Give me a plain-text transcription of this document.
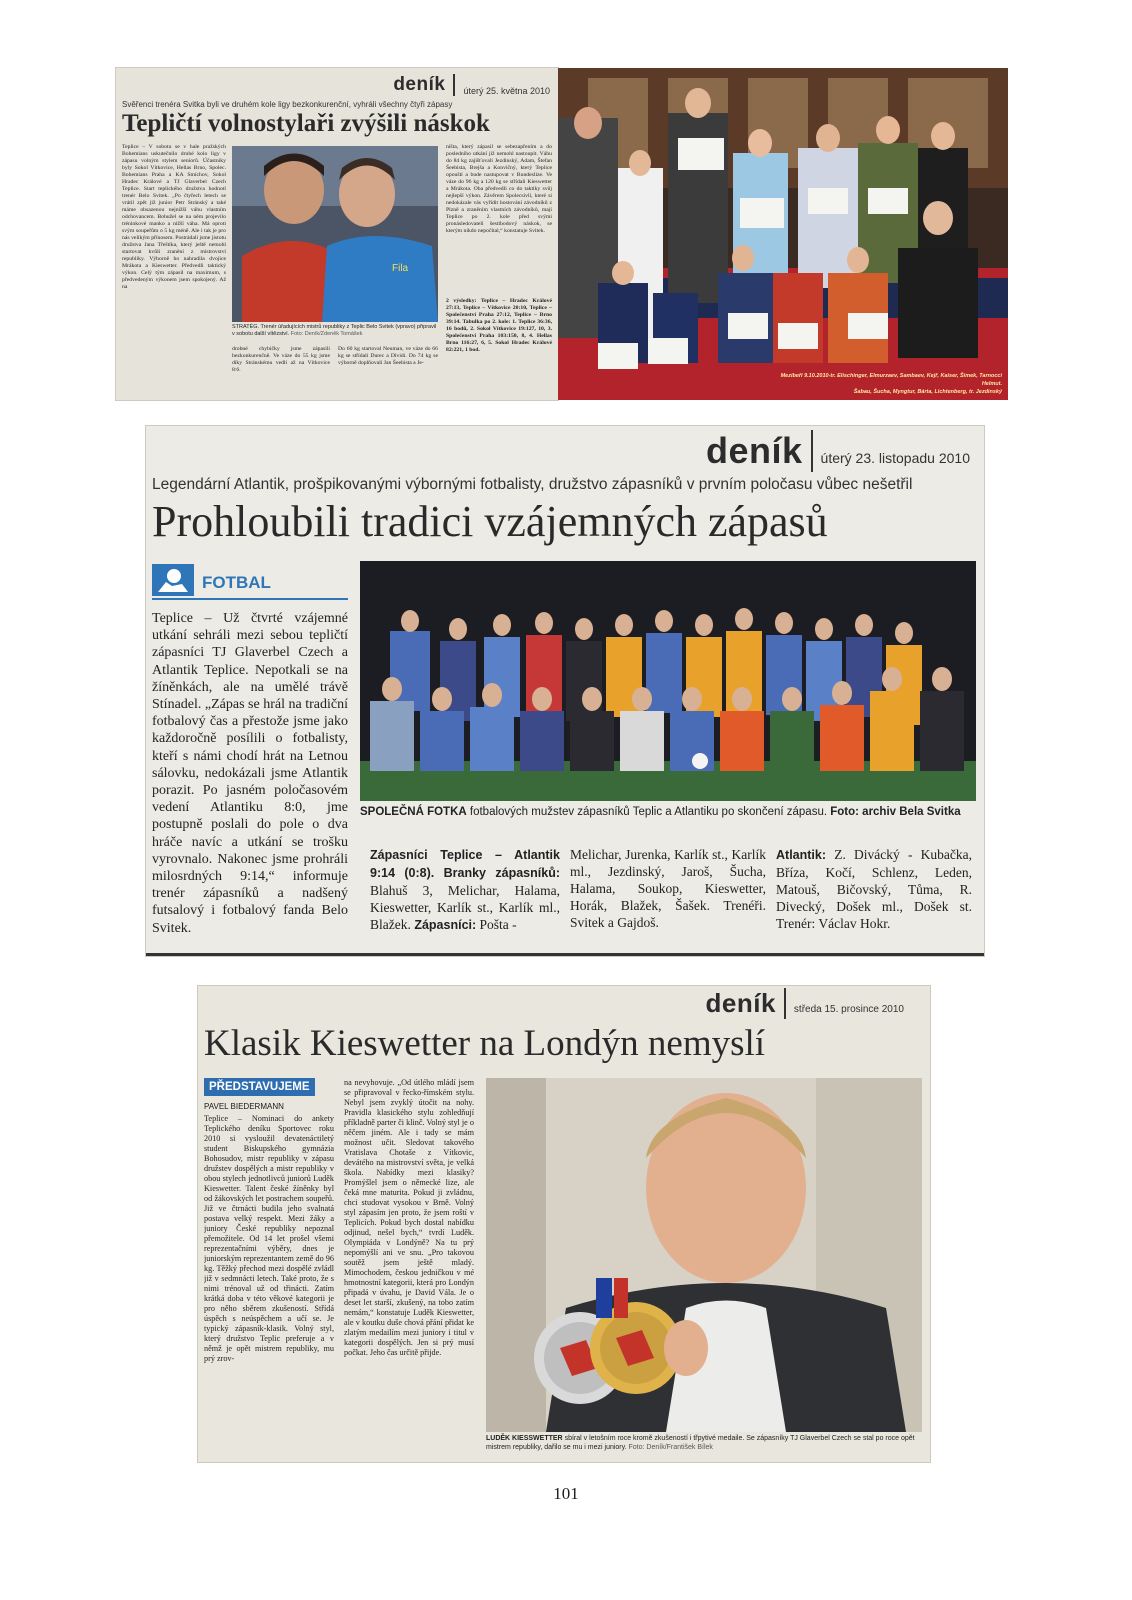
deník úterý 25. května 2010
Svěřenci trenéra Svitka byli ve druhém kole ligy bezkonkurenční, vyhráli všechny čtyři zápasy
Tepličtí volnostylaři zvýšili náskok
Teplice – V sobotu se v hale pražských Bohemians uskutečnilo druhé kolo ligy v zápasu volným stylem seniorů. Účastníky byly Sokol Vítkovice, Hellas Brno, Spolec. Bohemians Praha a KA Smíchov, Sokol Hradec Králové a TJ Glaverbel Czech Teplice. Start teplického družstva hodnotí trenér Belo Svitek. „Po čtyřech letech se vrátil zpět již junior Petr Stránský a také máme obsazenou nejnižší váhu vlastním odchovancem. Bohužel se na něm projevilo tréninkové manko a nižší váha. Má oproti svým soupeřům o 5 kg méně. Ale i tak je pro nás velikým přínosem. Postrádali jsme jistotu družstva Jana Třeštíka, který ještě nemohl startovat kvůli zranění z mistrovství republiky. Výborně ho nahradila dvojice Mrákota a Kieswetter. Předvedli taktický výkon. Celý tým zápasil na maximum, s předvedeným výkonem jsem spokojený. Až na
Fila
STRATÉG. Trenér úřadujících mistrů republiky z Teplic Belo Svitek (vpravo) připravil v sobotu další vítězství. Foto: Deník/Zdeněk Tomášek
drobné chybičky jsme zápasili bezkonkurenčně. Ve váze do 55 kg jsme díky Stránskému vedli až na Vítkovice 8:6.
Do 60 kg startoval Neuman, ve váze do 66 kg se střídali Durec a Dividi. Do 74 kg se výborně doplňovali Jan Šeebista a Je-
ništa, který zápasil se sebezapřením a do posledního utkání již nemohl nastoupit. Váhu do 84 kg zajišťovali Jezdinský, Adam, Štefan Šeebista, Brejša a Konvičný, který Teplice opouští a bude nastupovat v Bundeslize. Ve váze do 96 kg a 120 kg se střídali Kieswetter a Mrákota. Oba předvedli co do taktiky svůj nejlepší výkon. Závěrem Spolecsivlí, které si nedokázale vás vyřídit hostování závodníků z Plzně a zraněním vlastních závodníků, mají Teplice po 2. kole před svými pronásledovateli šestibodový náskok, se kterým nikdo nepočítal,“ konstatuje Svitek.
2 výsledky: Teplice – Hradec Králové 27:13, Teplice – Vítkovice 20:10, Teplice – Společenství Praha 27:12, Teplice – Brno 39:14. Tabulka po 2. kole: 1. Teplice 36:36, 16 bodů, 2. Sokol Vítkovice 19:127, 10, 3. Společenství Praha 103:150, 8, 4. Hellas Brno 116:27, 6, 5. Sokol Hradec Králové 82:221, 1 bod.
Mezibeří 9.10.2010-tr. Elischinger, Elmurzaev, Sambaev, Kejř, Kaiser, Šimek, Tarnocci
Helmut.
Šabau, Šucha, Myngtur, Bárta, Lichtenberg, tr. Jezdinský
deník úterý 23. listopadu 2010
Legendární Atlantik, prošpikovanými výbornými fotbalisty, družstvo zápasníků v prvním poločasu vůbec nešetřil
Prohloubili tradici vzájemných zápasů
FOTBAL
Teplice – Už čtvrté vzájemné utkání sehráli mezi sebou tepličtí zápasníci TJ Glaverbel Czech a Atlantik Teplice. Nepotkali se na žíněnkách, ale na umělé trávě Stínadel. „Zápas se hrál na tradiční fotbalový čas a přestože jsme jako každoročně posílili o fotbalisty, kteří s námi chodí hrát na Letnou sálovku, nedokázali jsme Atlantik porazit. Po jasném poločasovém vedení Atlantiku 8:0, jme postupně poslali do pole o dva hráče navíc a utkání se trošku vyrovnalo. Nakonec jsme prohráli milosrdných 9:14,“ informuje trenér zápasníků a nadšený futsalový i fotbalový fanda Belo Svitek.
SPOLEČNÁ FOTKA fotbalových mužstev zápasníků Teplic a Atlantiku po skončení zápasu. Foto: archiv Bela Svitka
Zápasníci Teplice – Atlantik 9:14 (0:8). Branky zápasníků: Blahuš 3, Melichar, Halama, Kieswetter, Karlík st., Karlík ml., Blažek. Zápasníci: Pošta -
Melichar, Jurenka, Karlík st., Karlík ml., Jezdinský, Jaroš, Šucha, Halama, Soukop, Kieswetter, Horák, Blažek, Šašek. Trenéři. Svitek a Gajdoš.
Atlantik: Z. Divácký - Kubačka, Bříza, Kočí, Schlenz, Leden, Matouš, Bičovský, Tůma, R. Divecký, Došek ml., Došek st. Trenér: Václav Hokr.
deník středa 15. prosince 2010
Klasik Kieswetter na Londýn nemyslí
PŘEDSTAVUJEME
PAVEL BIEDERMANN
Teplice – Nominaci do ankety Teplického deníku Sportovec roku 2010 si vysloužil devatenáctiletý student Biskupského gymnázia Bohosudov, mistr republiky v zápasu družstev dospělých a mistr republiky v obou stylech jednotlivců juniorů Luděk Kieswetter. Talent české žíněnky byl od žákovských let postrachem soupeřů. Již ve čtrnácti budila jeho svalnatá postava velký respekt. Mezi žáky a juniory České republiky nepoznal přemožitele. Od 14 let prošel všemi reprezentačními výběry, dnes je juniorským reprezentantem země do 96 kg. Těžký přechod mezi dospělé zvládl již v sedmnácti letech. Také proto, že s nimi trénoval už od třinácti. Zatím krátká doba v této věkové kategorii je pro něho sběrem zkušeností. Střídá úspěch s neúspěchem a učí se. Je typický zápasník-klasik. Volný styl, který družstvo Teplic preferuje a v němž je opět mistrem republiky, mu prý zrov-
na nevyhovuje. „Od útlého mládí jsem se připravoval v řecko-římském stylu. Nebyl jsem zvyklý útočit na nohy. Pravidla klasického stylu zohledňují příkladně parter či klinč. Volný styl je o něčem jiném. Ale i tady se mám možnost učit. Sledovat takového Vratislava Chotaše z Vítkovic, devátého na mistrovství světa, je velká škola. Nabídky mezi klasiky? Promýšlel jsem o německé lize, ale čeká mne maturita. Pokud ji zvládnu, chci studovat vysokou v Brně. Volný styl zápasím jen proto, že jsem roští v Teplicích. Pokud bych dostal nabídku odjinud, nešel bych,“ tvrdí Luděk. Olympiáda v Londýně? Na tu prý nepomýšlí ani ve snu. „Pro takovou soutěž jsem ještě mladý. Mimochodem, českou jedničkou v mé hmotnostní kategorii, která pro Londýn připadá v úvahu, je David Vála. Je o deset let starší, zkušený, na tobo zatím nemám,“ konstatuje Luděk Kieswetter, ale v koutku duše chová přání přidat ke zlatým medailím mezi juniory i titul v kategorii dospělých. Jen si prý musí počkat. Jeho čas určitě přijde.
LUDĚK KIESSWETTER sbíral v letošním roce kromě zkušeností i třpytivé medaile. Se zápasníky TJ Glaverbel Czech se stal po roce opět mistrem republiky, dařilo se mu i mezi juniory. Foto: Deník/František Bílek
101
